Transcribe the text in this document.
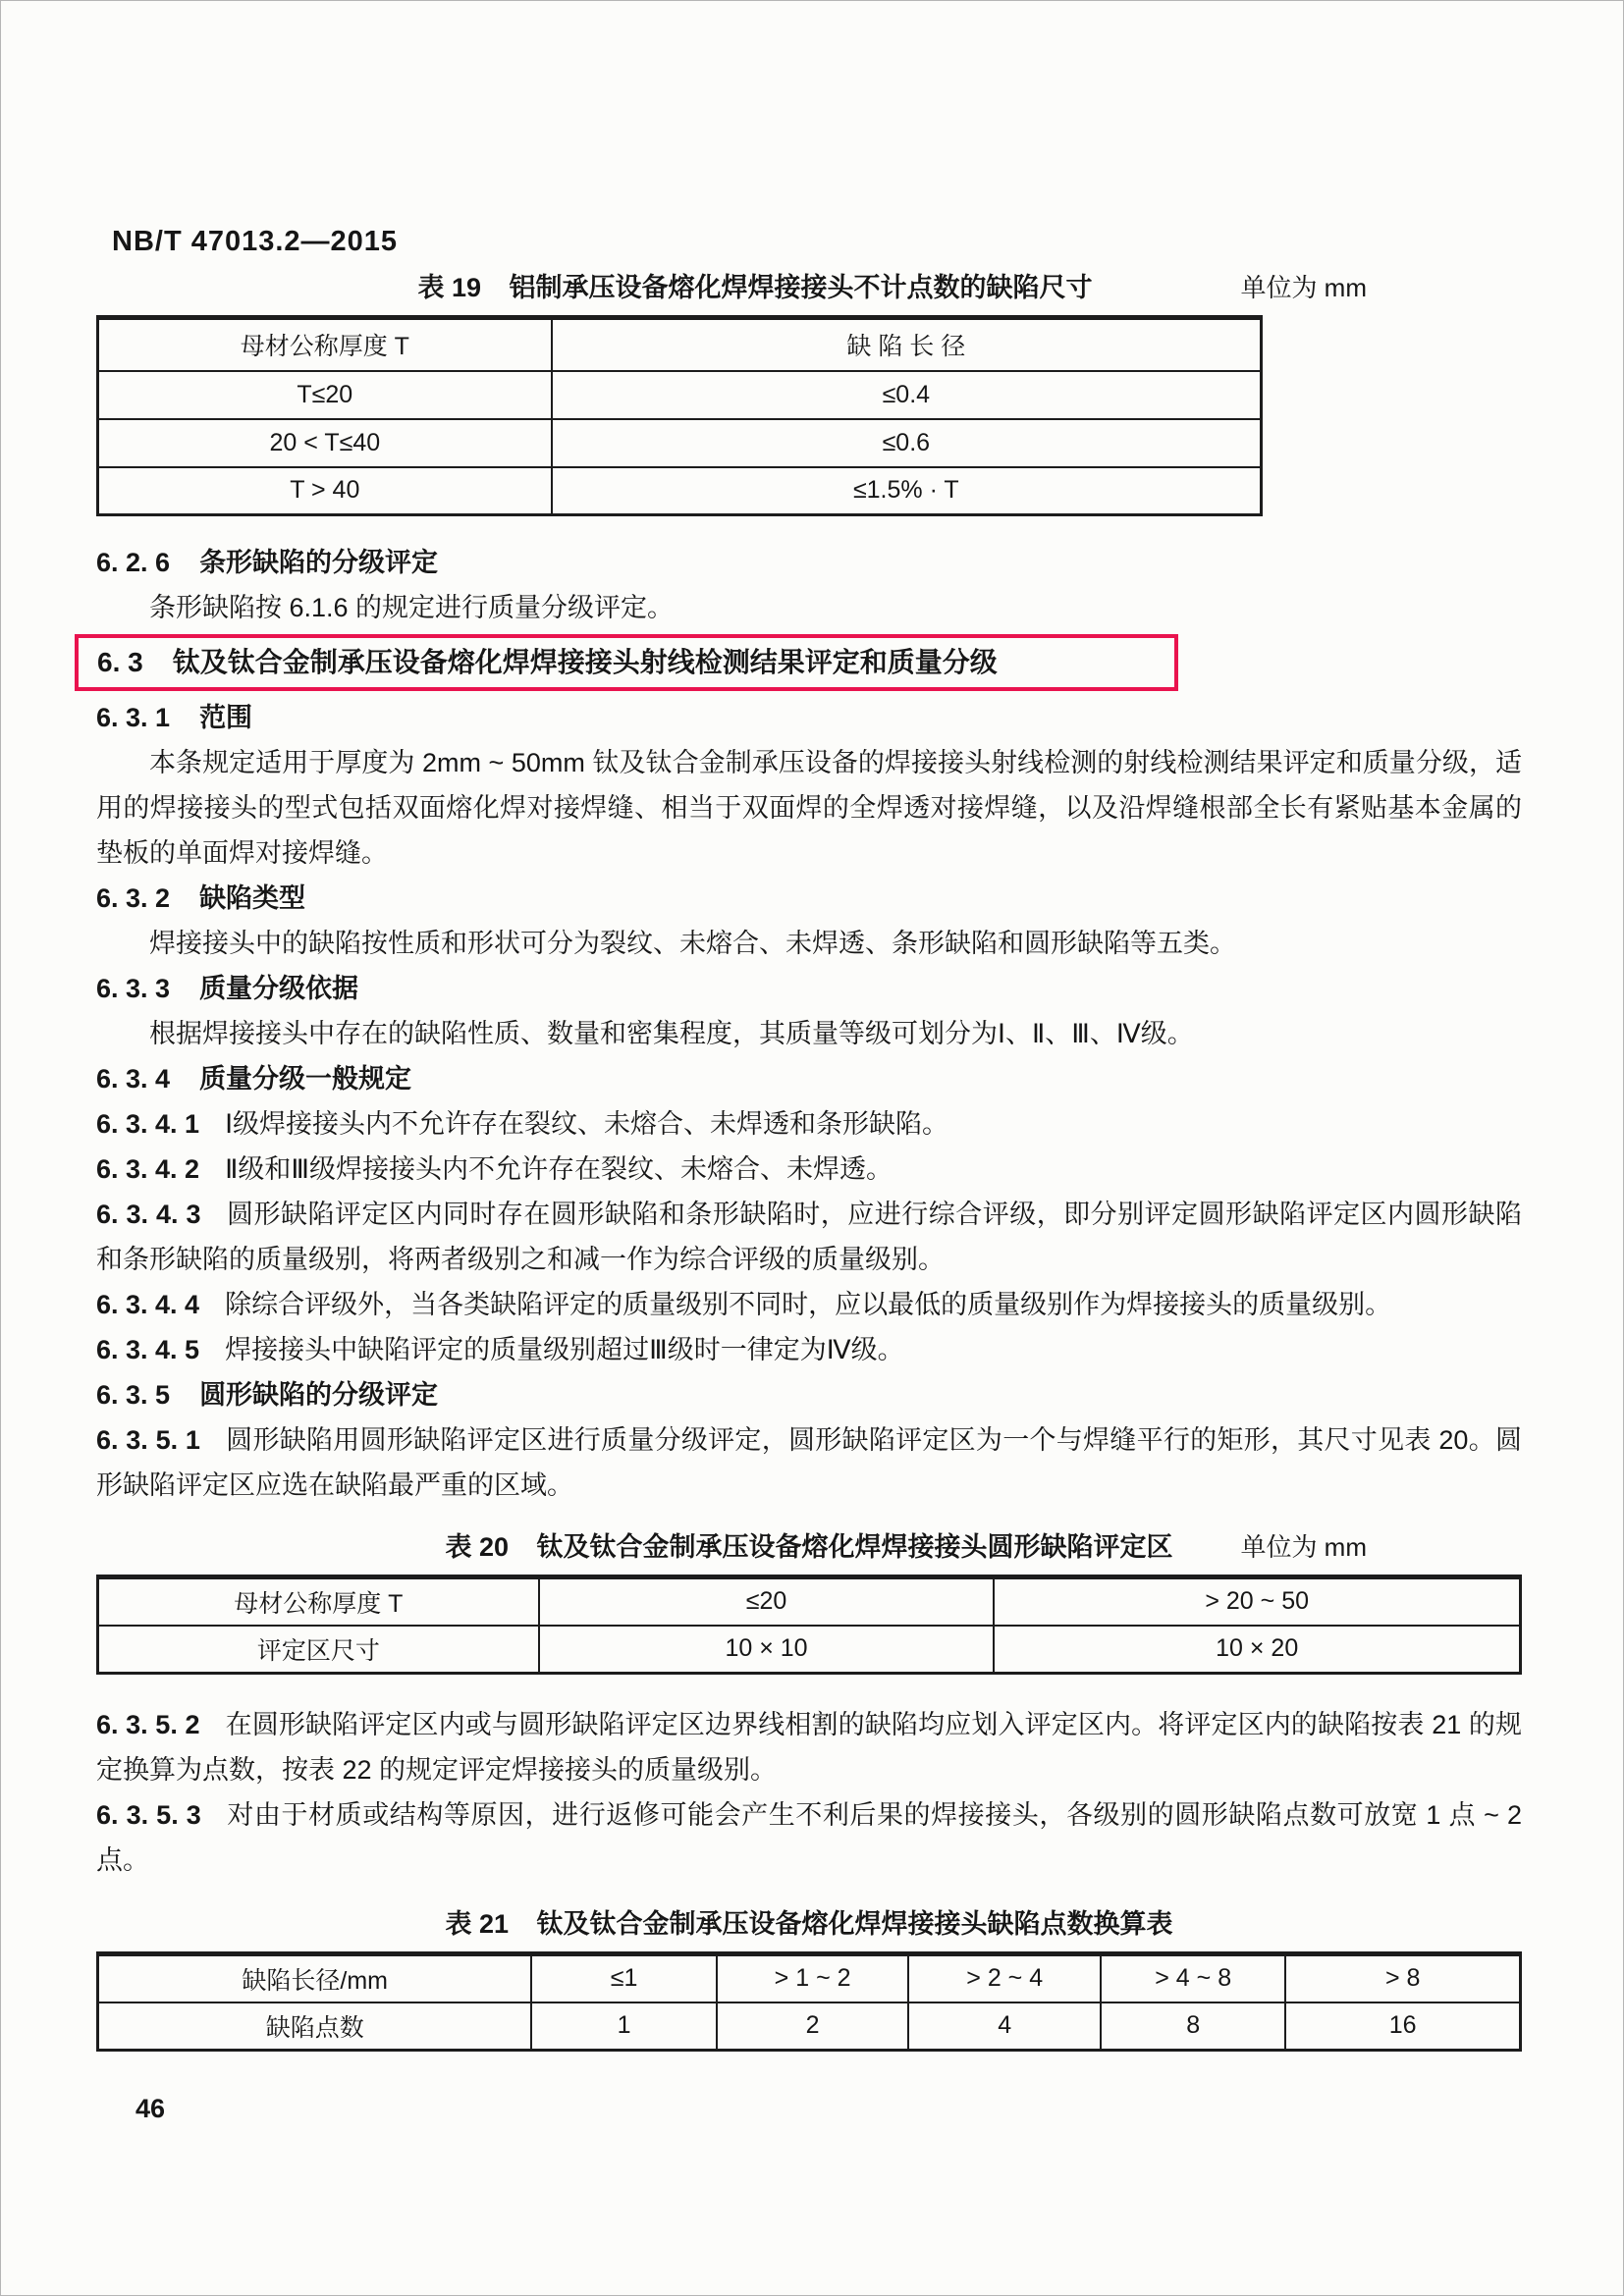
NB/T 47013.2—2015
表 19 铝制承压设备熔化焊焊接接头不计点数的缺陷尺寸	单位为 mm
母材公称厚度 T	缺 陷 长 径
T≤20	≤0.4
20 < T≤40	≤0.6
T > 40	≤1.5% · T

6. 2. 6 条形缺陷的分级评定

条形缺陷按 6.1.6 的规定进行质量分级评定。

6. 3 钛及钛合金制承压设备熔化焊焊接接头射线检测结果评定和质量分级

6. 3. 1 范围

本条规定适用于厚度为 2mm ~ 50mm 钛及钛合金制承压设备的焊接接头射线检测的射线检测结果评定和质量分级，适用的焊接接头的型式包括双面熔化焊对接焊缝、相当于双面焊的全焊透对接焊缝，以及沿焊缝根部全长有紧贴基本金属的垫板的单面焊对接焊缝。

6. 3. 2 缺陷类型

焊接接头中的缺陷按性质和形状可分为裂纹、未熔合、未焊透、条形缺陷和圆形缺陷等五类。

6. 3. 3 质量分级依据

根据焊接接头中存在的缺陷性质、数量和密集程度，其质量等级可划分为Ⅰ、Ⅱ、Ⅲ、Ⅳ级。

6. 3. 4 质量分级一般规定

6. 3. 4. 1 Ⅰ级焊接接头内不允许存在裂纹、未熔合、未焊透和条形缺陷。

6. 3. 4. 2 Ⅱ级和Ⅲ级焊接接头内不允许存在裂纹、未熔合、未焊透。

6. 3. 4. 3 圆形缺陷评定区内同时存在圆形缺陷和条形缺陷时，应进行综合评级，即分别评定圆形缺陷评定区内圆形缺陷和条形缺陷的质量级别，将两者级别之和减一作为综合评级的质量级别。

6. 3. 4. 4 除综合评级外，当各类缺陷评定的质量级别不同时，应以最低的质量级别作为焊接接头的质量级别。

6. 3. 4. 5 焊接接头中缺陷评定的质量级别超过Ⅲ级时一律定为Ⅳ级。

6. 3. 5 圆形缺陷的分级评定

6. 3. 5. 1 圆形缺陷用圆形缺陷评定区进行质量分级评定，圆形缺陷评定区为一个与焊缝平行的矩形，其尺寸见表 20。圆形缺陷评定区应选在缺陷最严重的区域。

表 20 钛及钛合金制承压设备熔化焊焊接接头圆形缺陷评定区	单位为 mm
母材公称厚度 T	≤20	> 20 ~ 50
评定区尺寸	10 × 10	10 × 20

6. 3. 5. 2 在圆形缺陷评定区内或与圆形缺陷评定区边界线相割的缺陷均应划入评定区内。将评定区内的缺陷按表 21 的规定换算为点数，按表 22 的规定评定焊接接头的质量级别。

6. 3. 5. 3 对由于材质或结构等原因，进行返修可能会产生不利后果的焊接接头，各级别的圆形缺陷点数可放宽 1 点 ~ 2 点。

表 21 钛及钛合金制承压设备熔化焊焊接接头缺陷点数换算表
缺陷长径/mm	≤1	> 1 ~ 2	> 2 ~ 4	> 4 ~ 8	> 8
缺陷点数	1	2	4	8	16
46
